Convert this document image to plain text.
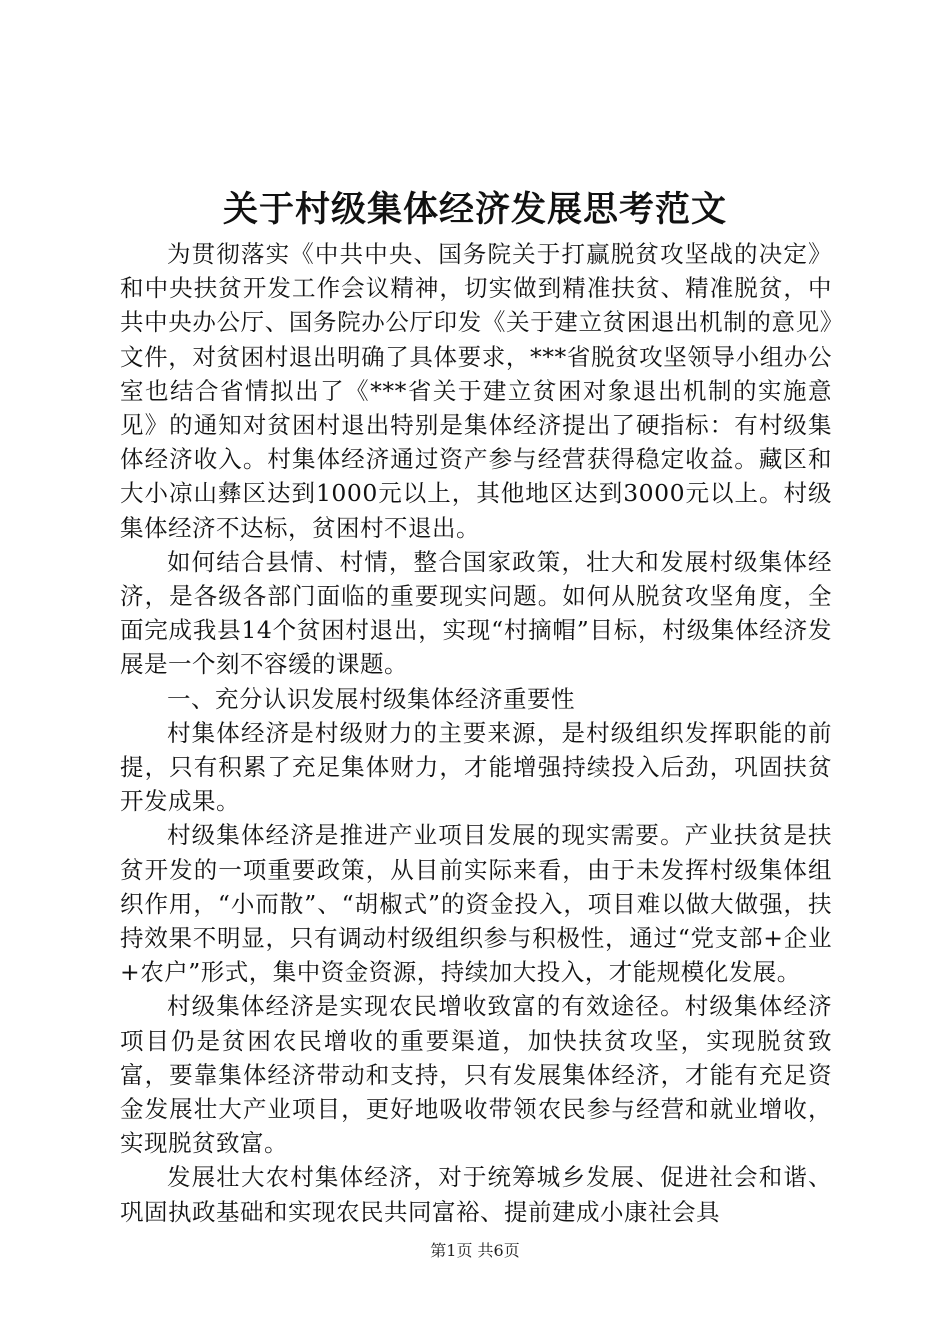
关于村级集体经济发展思考范文

为贯彻落实《中共中央、国务院关于打赢脱贫攻坚战的决定》和中央扶贫开发工作会议精神，切实做到精准扶贫、精准脱贫，中共中央办公厅、国务院办公厅印发《关于建立贫困退出机制的意见》文件，对贫困村退出明确了具体要求，***省脱贫攻坚领导小组办公室也结合省情拟出了《***省关于建立贫困对象退出机制的实施意见》的通知对贫困村退出特别是集体经济提出了硬指标：有村级集体经济收入。村集体经济通过资产参与经营获得稳定收益。藏区和大小凉山彝区达到1000元以上，其他地区达到3000元以上。村级集体经济不达标，贫困村不退出。

如何结合县情、村情，整合国家政策，壮大和发展村级集体经济，是各级各部门面临的重要现实问题。如何从脱贫攻坚角度，全面完成我县14个贫困村退出，实现“村摘帽”目标，村级集体经济发展是一个刻不容缓的课题。

一、充分认识发展村级集体经济重要性

村集体经济是村级财力的主要来源，是村级组织发挥职能的前提，只有积累了充足集体财力，才能增强持续投入后劲，巩固扶贫开发成果。

村级集体经济是推进产业项目发展的现实需要。产业扶贫是扶贫开发的一项重要政策，从目前实际来看，由于未发挥村级集体组织作用，“小而散”、“胡椒式”的资金投入，项目难以做大做强，扶持效果不明显，只有调动村级组织参与积极性，通过“党支部+企业+农户”形式，集中资金资源，持续加大投入，才能规模化发展。

村级集体经济是实现农民增收致富的有效途径。村级集体经济项目仍是贫困农民增收的重要渠道，加快扶贫攻坚，实现脱贫致富，要靠集体经济带动和支持，只有发展集体经济，才能有充足资金发展壮大产业项目，更好地吸收带领农民参与经营和就业增收，实现脱贫致富。

发展壮大农村集体经济，对于统筹城乡发展、促进社会和谐、巩固执政基础和实现农民共同富裕、提前建成小康社会具

第1页 共6页
